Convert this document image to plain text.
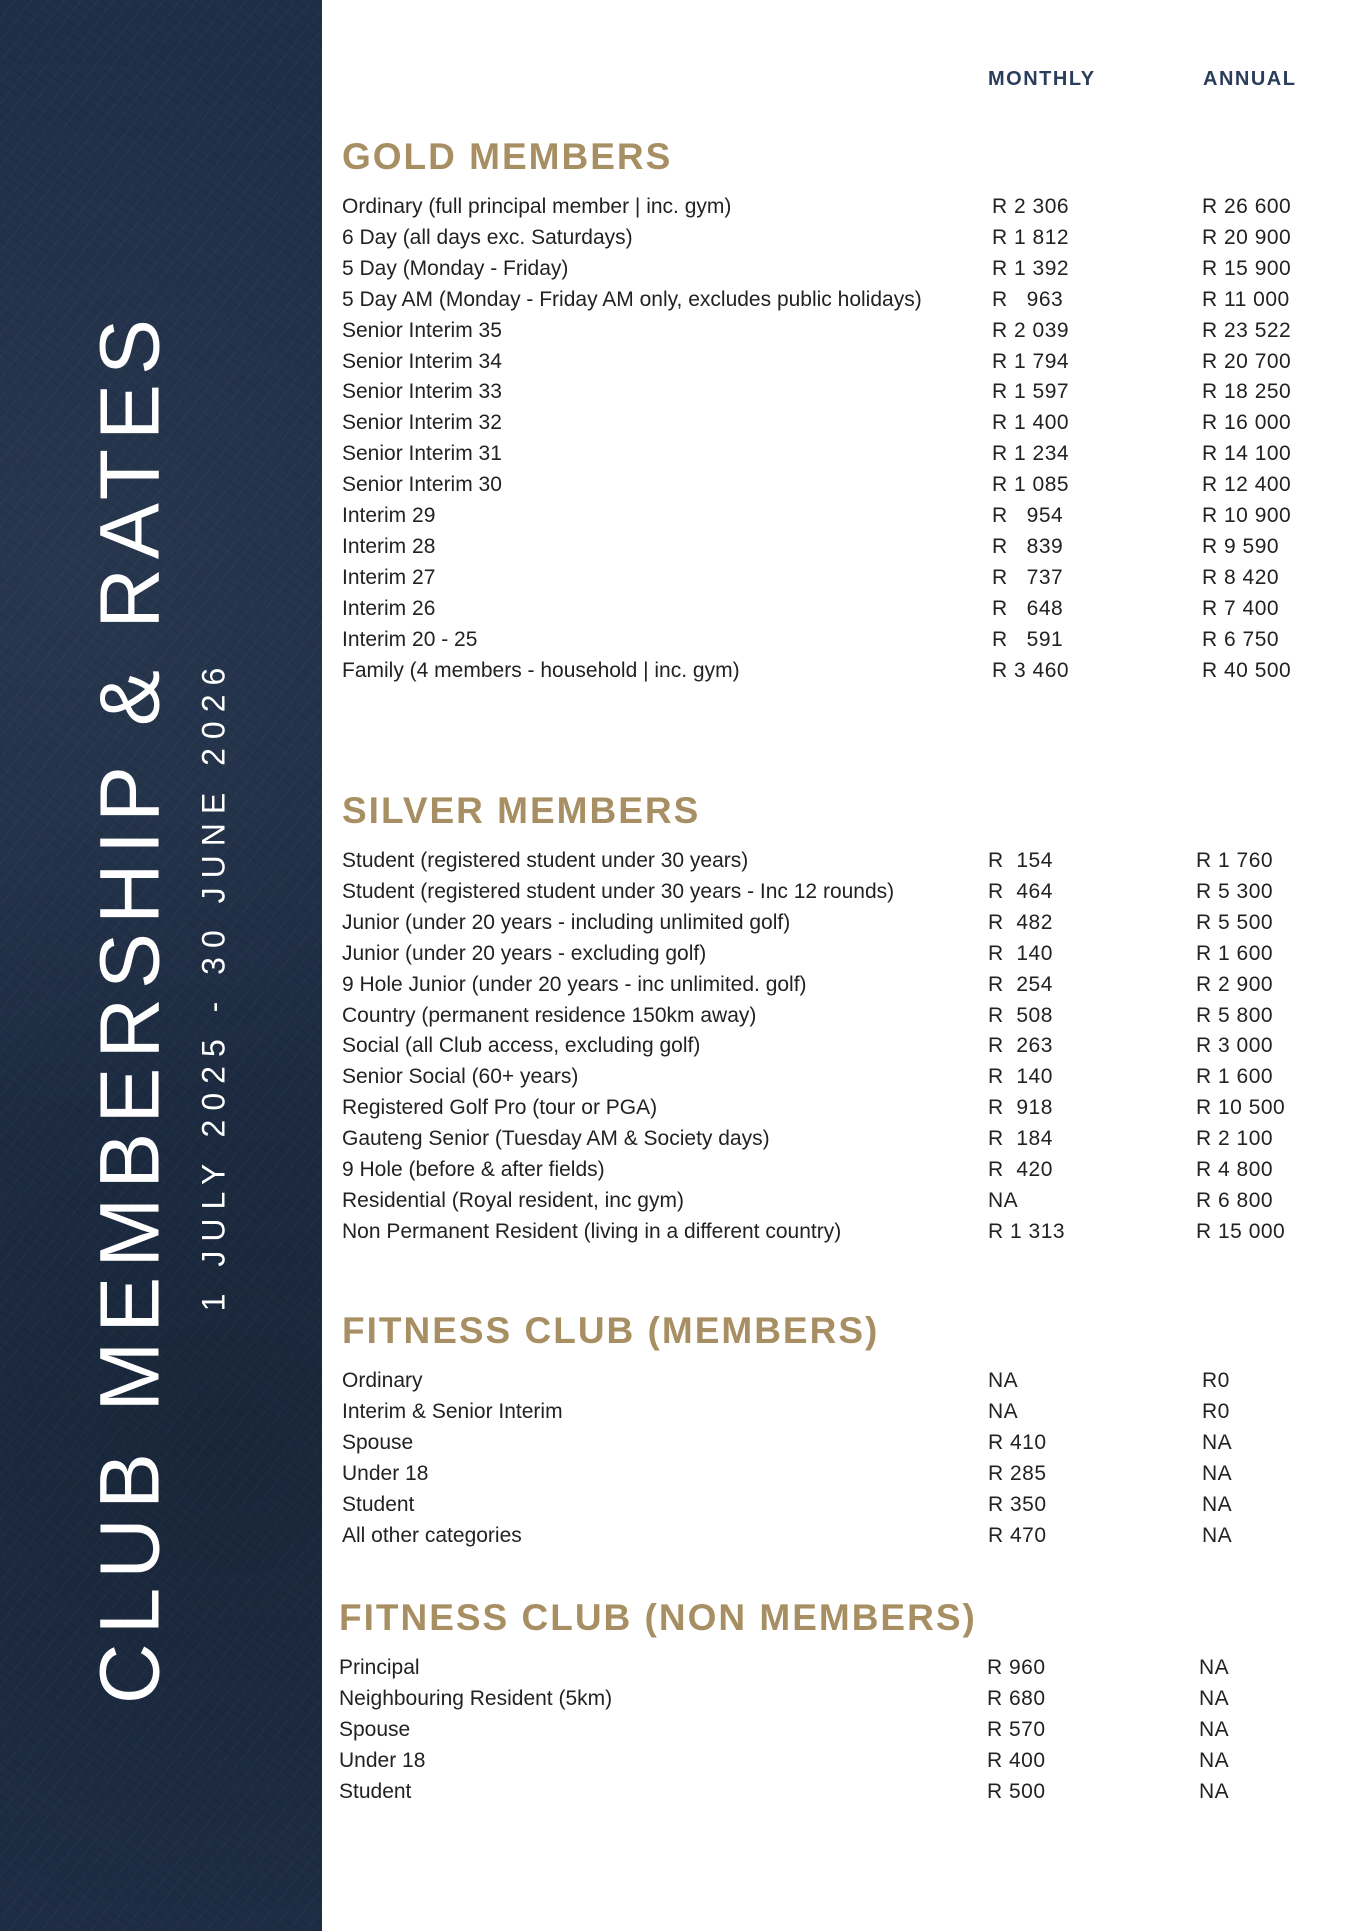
CLUB MEMBERSHIP & RATES 1 JULY 2025 - 30 JUNE 2026
MONTHLY	ANNUAL
GOLD MEMBERS
Ordinary (full principal member | inc. gym)	R 2 306	R 26 600
6 Day (all days exc. Saturdays)	R 1 812	R 20 900
5 Day (Monday - Friday)	R 1 392	R 15 900
5 Day AM (Monday - Friday AM only, excludes public holidays)	R   963	R 11 000
Senior Interim 35	R 2 039	R 23 522
Senior Interim 34	R 1 794	R 20 700
Senior Interim 33	R 1 597	R 18 250
Senior Interim 32	R 1 400	R 16 000
Senior Interim 31	R 1 234	R 14 100
Senior Interim 30	R 1 085	R 12 400
Interim 29	R   954	R 10 900
Interim 28	R   839	R 9 590
Interim 27	R   737	R 8 420
Interim 26	R   648	R 7 400
Interim 20 - 25	R   591	R 6 750
Family (4 members - household | inc. gym)	R 3 460	R 40 500
SILVER MEMBERS
Student (registered student under 30 years)	R  154	R 1 760
Student (registered student under 30 years - Inc 12 rounds)	R  464	R 5 300
Junior (under 20 years - including unlimited golf)	R  482	R 5 500
Junior (under 20 years - excluding golf)	R  140	R 1 600
9 Hole Junior (under 20 years - inc unlimited. golf)	R  254	R 2 900
Country (permanent residence 150km away)	R  508	R 5 800
Social (all Club access, excluding golf)	R  263	R 3 000
Senior Social (60+ years)	R  140	R 1 600
Registered Golf Pro (tour or PGA)	R  918	R 10 500
Gauteng Senior (Tuesday AM & Society days)	R  184	R 2 100
9 Hole (before & after fields)	R  420	R 4 800
Residential (Royal resident, inc gym)	NA	R 6 800
Non Permanent Resident (living in a different country)	R 1 313	R 15 000
FITNESS CLUB (MEMBERS)
Ordinary	NA	R0
Interim & Senior Interim	NA	R0
Spouse	R 410	NA
Under 18	R 285	NA
Student	R 350	NA
All other categories	R 470	NA
FITNESS CLUB (NON MEMBERS)
Principal	R 960	NA
Neighbouring Resident (5km)	R 680	NA
Spouse	R 570	NA
Under 18	R 400	NA
Student	R 500	NA
